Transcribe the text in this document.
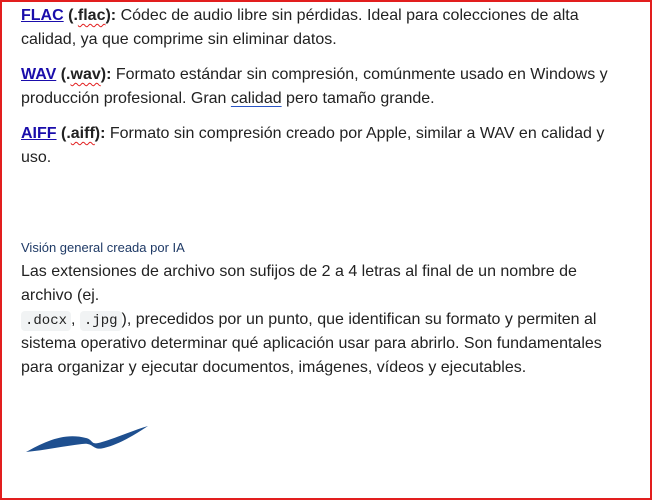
FLAC (.flac): Códec de audio libre sin pérdidas. Ideal para colecciones de alta calidad, ya que comprime sin eliminar datos.

WAV (.wav): Formato estándar sin compresión, comúnmente usado en Windows y producción profesional. Gran calidad pero tamaño grande.

AIFF (.aiff): Formato sin compresión creado por Apple, similar a WAV en calidad y uso.

Visión general creada por IA

Las extensiones de archivo son sufijos de 2 a 4 letras al final de un nombre de archivo (ej.
.docx , .jpg ), precedidos por un punto, que identifican su formato y permiten al sistema operativo determinar qué aplicación usar para abrirlo. Son fundamentales para organizar y ejecutar documentos, imágenes, vídeos y ejecutables.
